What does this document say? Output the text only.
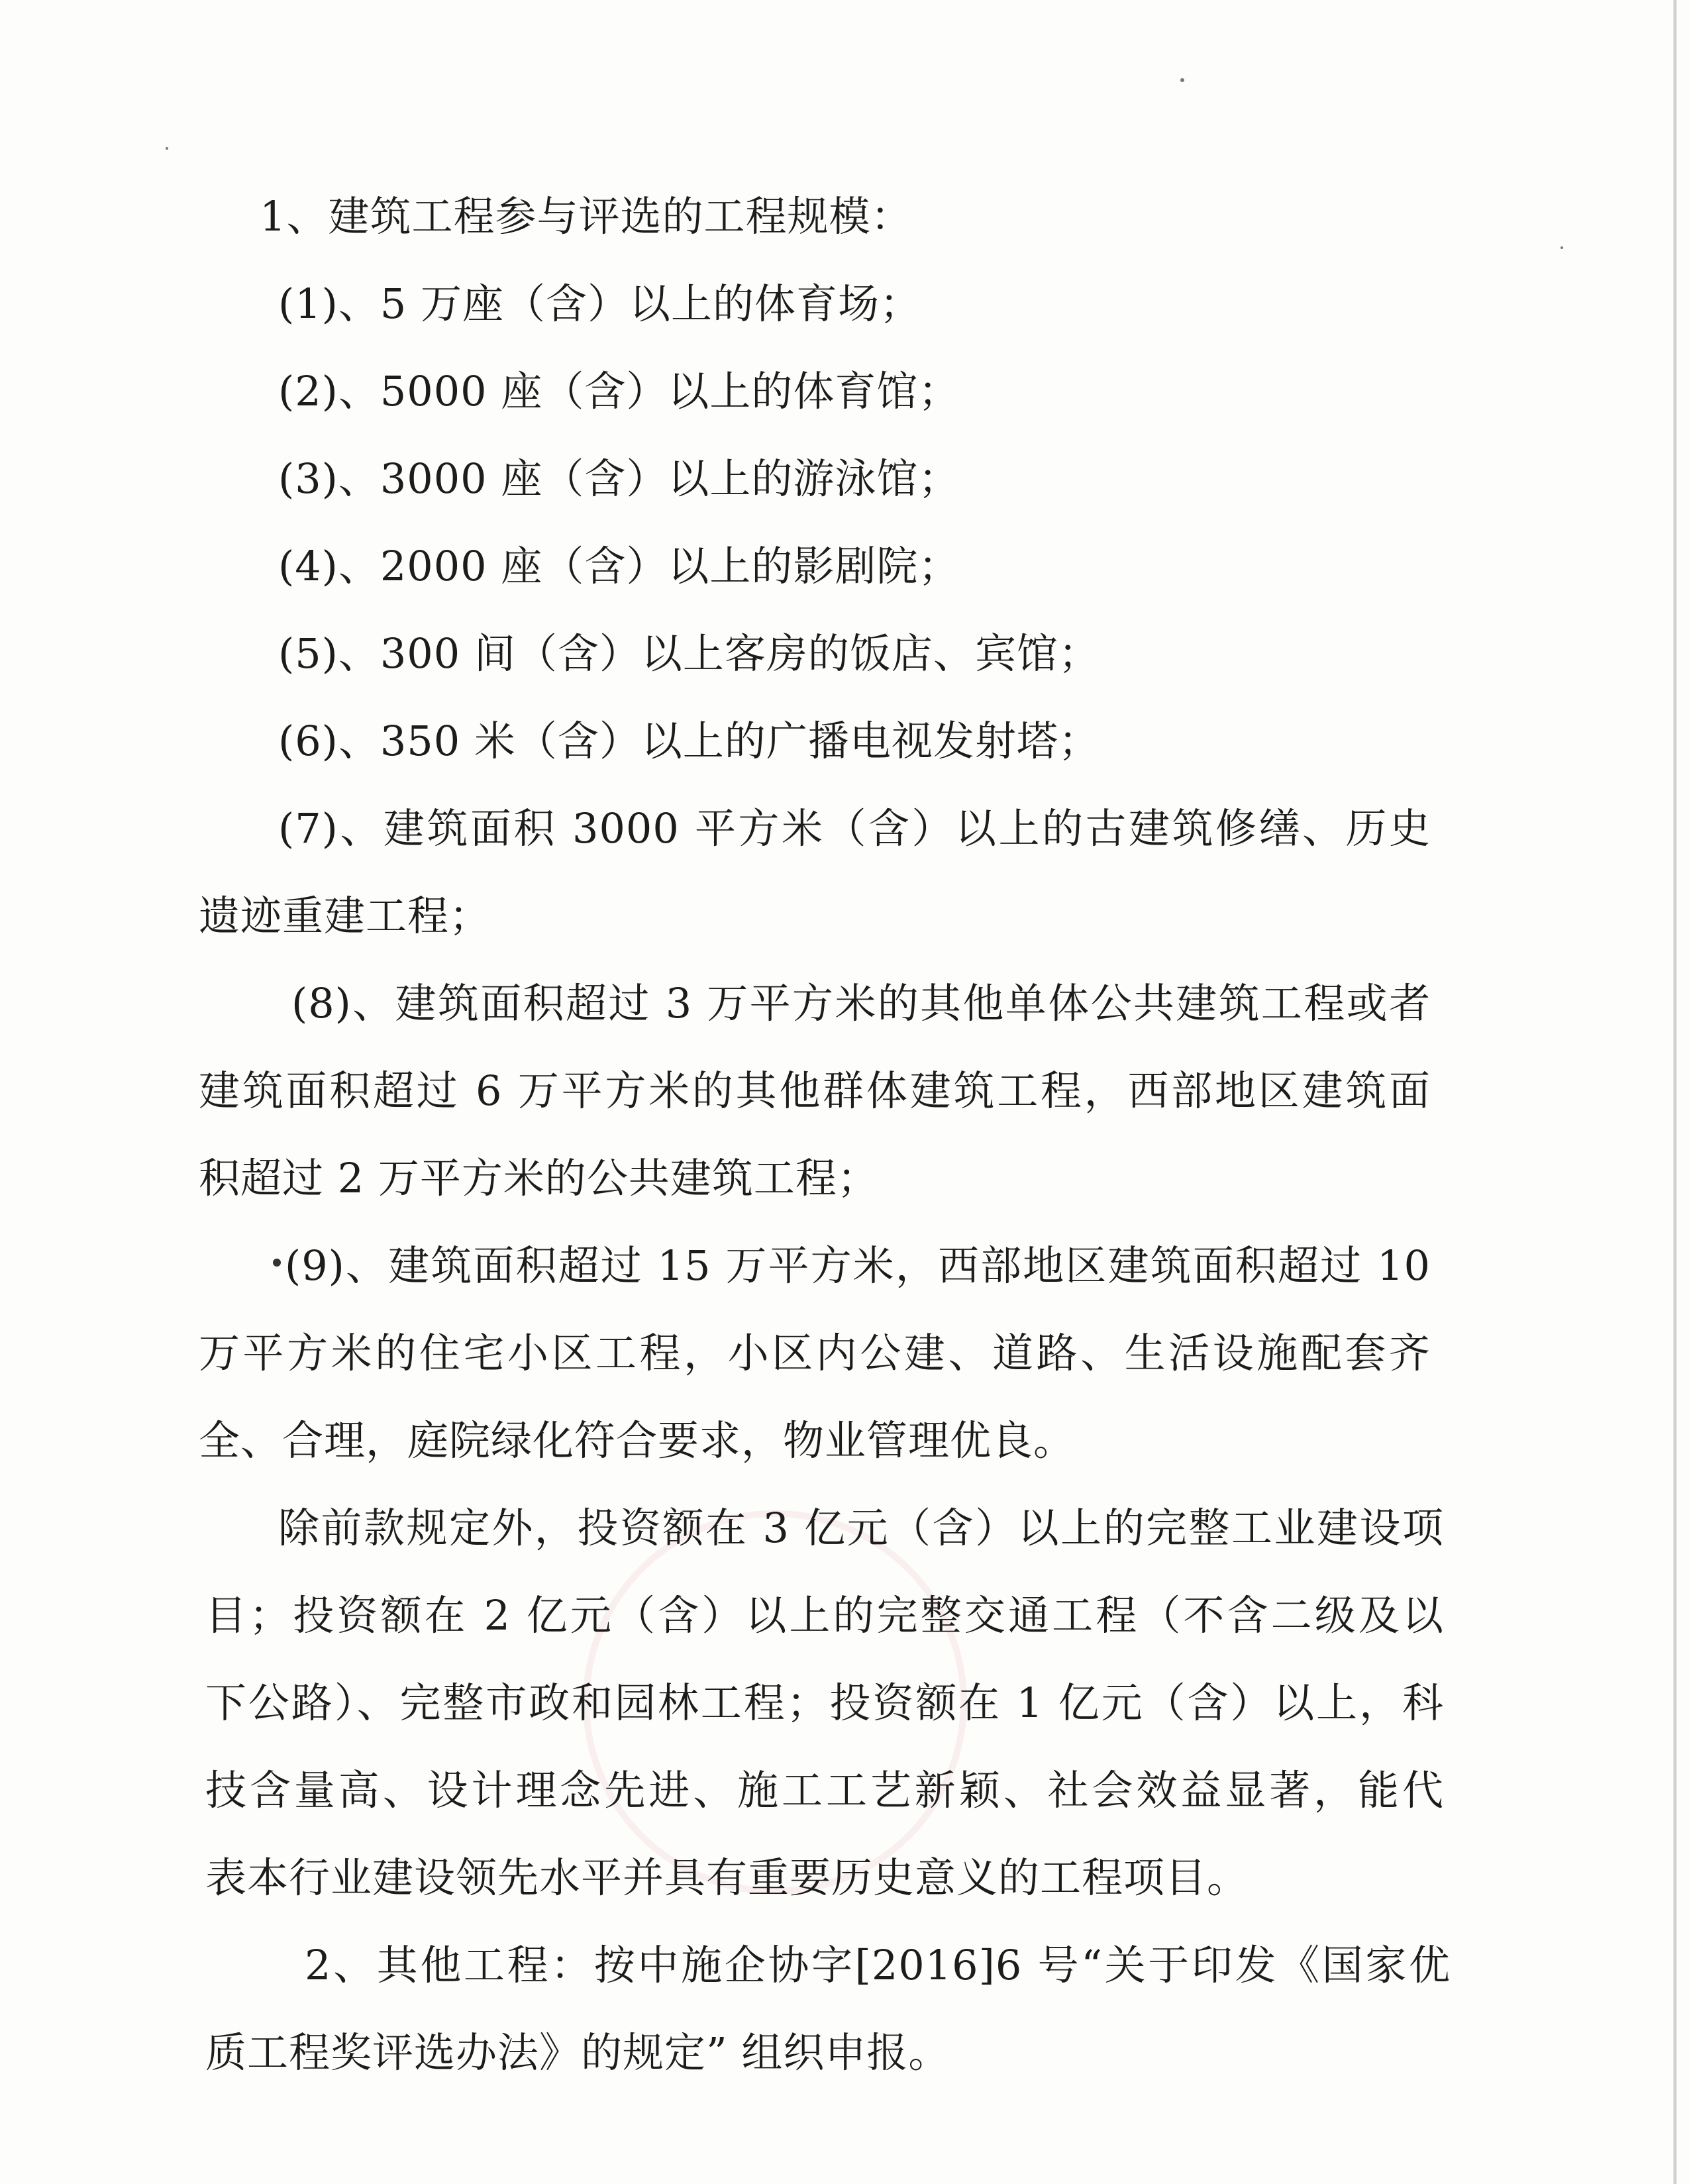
1、建筑工程参与评选的工程规模：

(1)、5 万座（含）以上的体育场；

(2)、5000 座（含）以上的体育馆；

(3)、3000 座（含）以上的游泳馆；

(4)、2000 座（含）以上的影剧院；

(5)、300 间（含）以上客房的饭店、宾馆；

(6)、350 米（含）以上的广播电视发射塔；

(7)、建筑面积 3000 平方米（含）以上的古建筑修缮、历史

遗迹重建工程；

(8)、建筑面积超过 3 万平方米的其他单体公共建筑工程或者

建筑面积超过 6 万平方米的其他群体建筑工程，西部地区建筑面

积超过 2 万平方米的公共建筑工程；

(9)、建筑面积超过 15 万平方米，西部地区建筑面积超过 10

万平方米的住宅小区工程，小区内公建、道路、生活设施配套齐

全、合理，庭院绿化符合要求，物业管理优良。

除前款规定外，投资额在 3 亿元（含）以上的完整工业建设项

目；投资额在 2 亿元（含）以上的完整交通工程（不含二级及以

下公路）、完整市政和园林工程；投资额在 1 亿元（含）以上，科

技含量高、设计理念先进、施工工艺新颖、社会效益显著，能代

表本行业建设领先水平并具有重要历史意义的工程项目。

2、其他工程：按中施企协字[2016]6 号“关于印发《国家优

质工程奖评选办法》的规定” 组织申报。
